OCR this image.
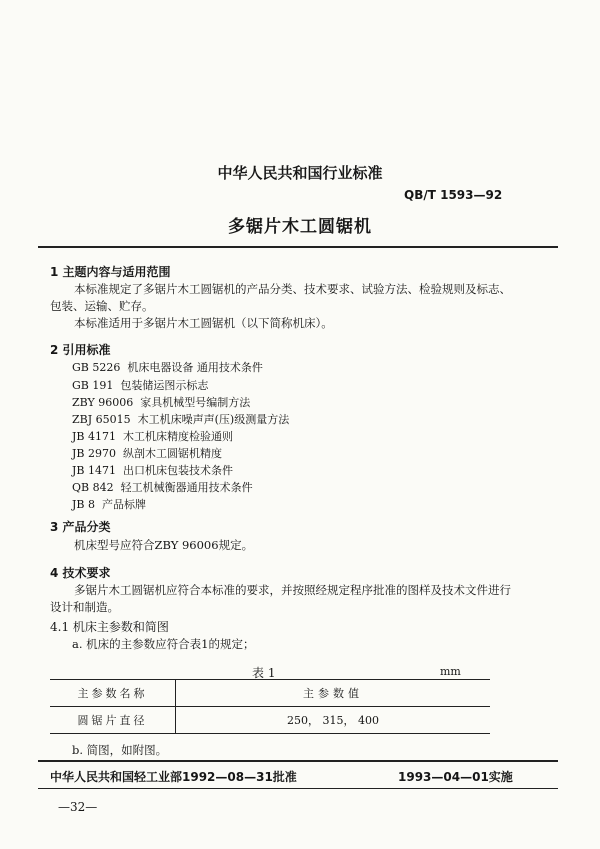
中华人民共和国行业标准
QB/T 1593—92
多锯片木工圆锯机
1 主题内容与适用范围
本标准规定了多锯片木工圆锯机的产品分类、技术要求、试验方法、检验规则及标志、
包装、运输、贮存。
本标准适用于多锯片木工圆锯机（以下简称机床）。
2 引用标准
GB 5226 机床电器设备 通用技术条件
GB 191 包装储运图示标志
ZBY 96006 家具机械型号编制方法
ZBJ 65015 木工机床噪声声(压)级测量方法
JB 4171 木工机床精度检验通则
JB 2970 纵剖木工圆锯机精度
JB 1471 出口机床包装技术条件
QB 842 轻工机械衡器通用技术条件
JB 8 产品标牌
3 产品分类
机床型号应符合ZBY 96006规定。
4 技术要求
多锯片木工圆锯机应符合本标准的要求，并按照经规定程序批准的图样及技术文件进行
设计和制造。
4.1 机床主参数和简图
a. 机床的主参数应符合表1的规定；
表 1	mm
主参数名称	主参数值
圆锯片直径	250， 315， 400
b. 简图，如附图。
中华人民共和国轻工业部1992—08—31批准	1993—04—01实施
—32—
